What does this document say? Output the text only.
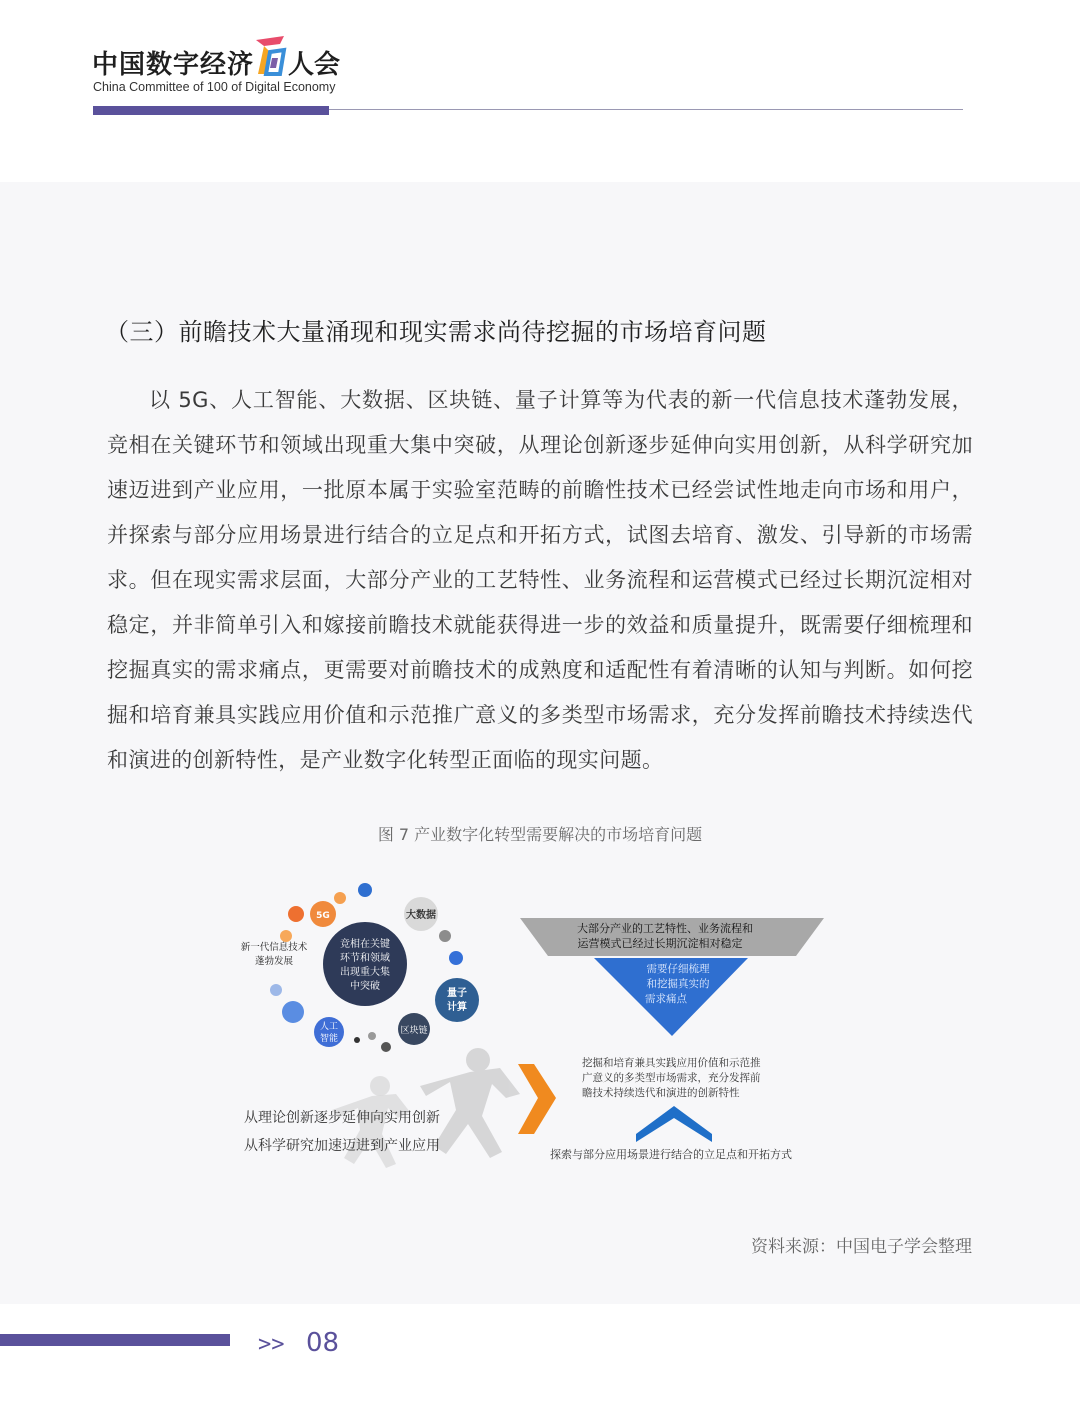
中国数字经济 人会
China Committee of 100 of Digital Economy
（三）前瞻技术大量涌现和现实需求尚待挖掘的市场培育问题
以 5G、人工智能、大数据、区块链、量子计算等为代表的新一代信息技术蓬勃发展，竞相在关键环节和领域出现重大集中突破，从理论创新逐步延伸向实用创新，从科学研究加速迈进到产业应用，一批原本属于实验室范畴的前瞻性技术已经尝试性地走向市场和用户，并探索与部分应用场景进行结合的立足点和开拓方式，试图去培育、激发、引导新的市场需求。但在现实需求层面，大部分产业的工艺特性、业务流程和运营模式已经过长期沉淀相对稳定，并非简单引入和嫁接前瞻技术就能获得进一步的效益和质量提升，既需要仔细梳理和挖掘真实的需求痛点，更需要对前瞻技术的成熟度和适配性有着清晰的认知与判断。如何挖掘和培育兼具实践应用价值和示范推广意义的多类型市场需求，充分发挥前瞻技术持续迭代和演进的创新特性，是产业数字化转型正面临的现实问题。
图 7 产业数字化转型需要解决的市场培育问题
5G	大数据
竞相在关键
环节和领域
出现重大集
中突破
量子
计算
区块链
人工
智能
新一代信息技术
蓬勃发展
从理论创新逐步延伸向实用创新
从科学研究加速迈进到产业应用
大部分产业的工艺特性、业务流程和
运营模式已经过长期沉淀相对稳定
需要仔细梳理
和挖掘真实的
需求痛点
挖掘和培育兼具实践应用价值和示范推
广意义的多类型市场需求，充分发挥前
瞻技术持续迭代和演进的创新特性
探索与部分应用场景进行结合的立足点和开拓方式
资料来源：中国电子学会整理
>> 08
